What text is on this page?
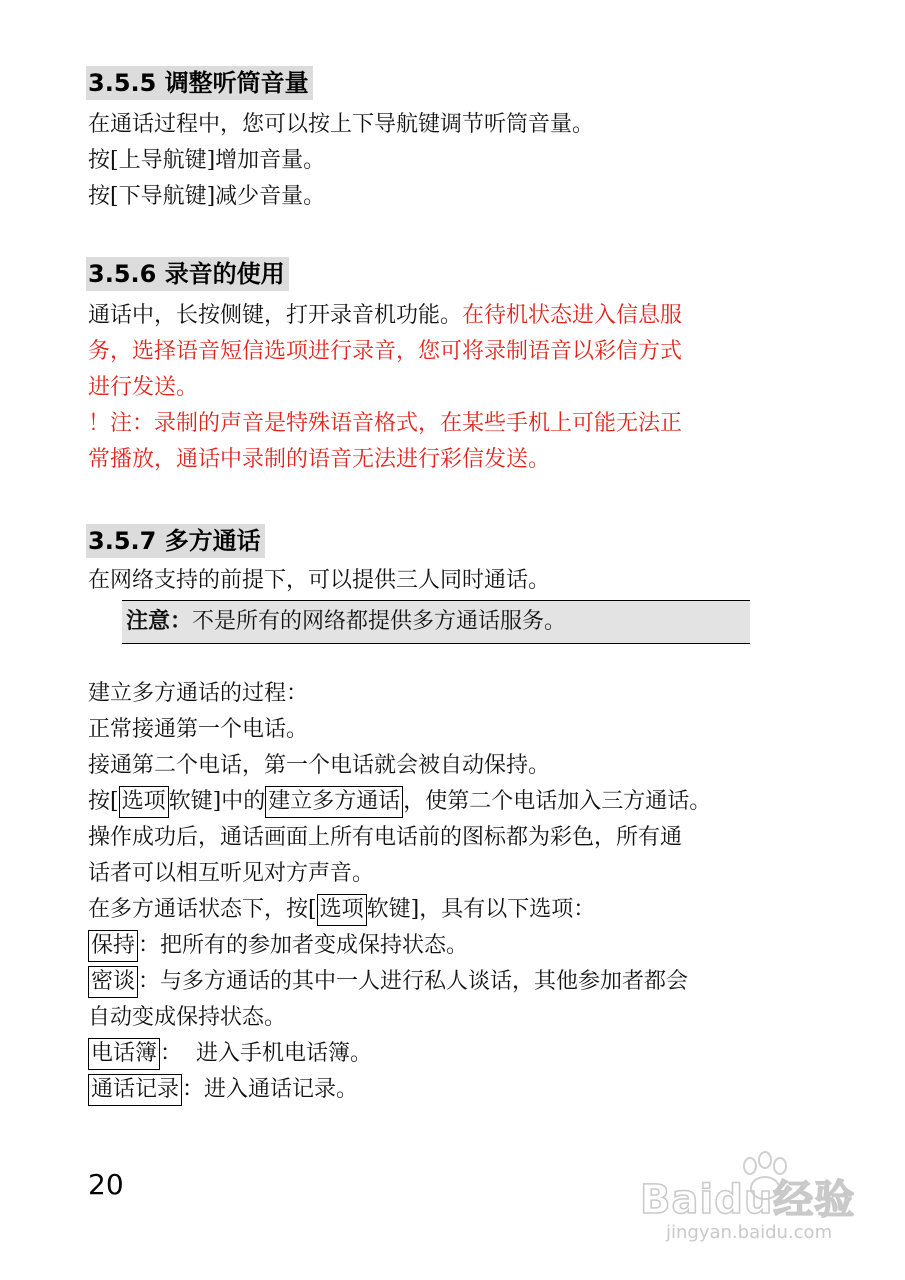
3.5.5 调整听筒音量

在通话过程中，您可以按上下导航键调节听筒音量。

按[上导航键]增加音量。

按[下导航键]减少音量。

3.5.6 录音的使用

通话中，长按侧键，打开录音机功能。在待机状态进入信息服

务，选择语音短信选项进行录音，您可将录制语音以彩信方式

进行发送。

！注：录制的声音是特殊语音格式，在某些手机上可能无法正

常播放，通话中录制的语音无法进行彩信发送。

3.5.7 多方通话

在网络支持的前提下，可以提供三人同时通话。

注意：不是所有的网络都提供多方通话服务。

建立多方通话的过程：

正常接通第一个电话。

接通第二个电话，第一个电话就会被自动保持。

按[ 选项 软键]中的 建立多方通话 ，使第二个电话加入三方通话。

操作成功后，通话画面上所有电话前的图标都为彩色，所有通

话者可以相互听见对方声音。

在多方通话状态下，按[ 选项 软键]，具有以下选项：

保持 ：把所有的参加者变成保持状态。

密谈 ：与多方通话的其中一人进行私人谈话，其他参加者都会

自动变成保持状态。

电话簿 ：  进入手机电话簿。

通话记录 ：进入通话记录。

20	Baidu经验
jingyan.baidu.com
